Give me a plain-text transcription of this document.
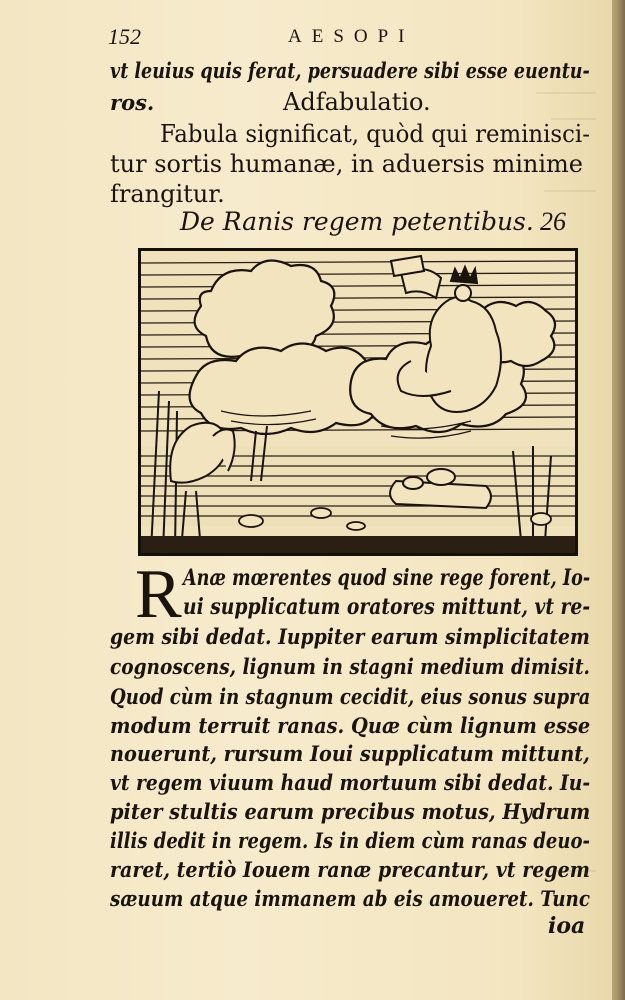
152	AESOPI
vt leuius quis ferat, persuadere sibi esse euentu-
ros.	Adfabulatio.
Fabula significat, quòd qui reminisci-
tur sortis humanæ, in aduersis minime
frangitur.
De Ranis regem petentibus. 26
R Anæ mœrentes quod sine rege forent, Io-
ui supplicatum oratores mittunt, vt re-
gem sibi dedat. Iuppiter earum simplicitatem
cognoscens, lignum in stagni medium dimisit.
Quod cùm in stagnum cecidit, eius sonus supra
modum terruit ranas. Quæ cùm lignum esse
nouerunt, rursum Ioui supplicatum mittunt,
vt regem viuum haud mortuum sibi dedat. Iu-
piter stultis earum precibus motus, Hydrum
illis dedit in regem. Is in diem cùm ranas deuo-
raret, tertiò Iouem ranæ precantur, vt regem
sæuum atque immanem ab eis amoueret. Tunc
ioa
